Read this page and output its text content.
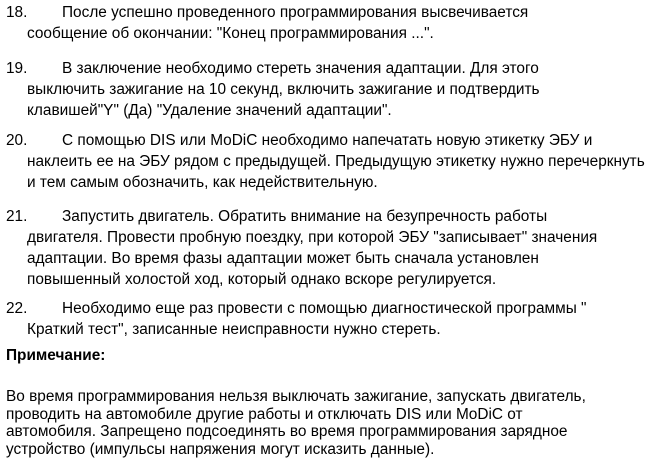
18. После успешно проведенного программирования высвечивается
сообщение об окончании: "Конец программирования ...".
19. В заключение необходимо стереть значения адаптации. Для этого
выключить зажигание на 10 секунд, включить зажигание и подтвердить
клавишей"Y" (Да) "Удаление значений адаптации".
20. С помощью DIS или MoDiC необходимо напечатать новую этикетку ЭБУ и
наклеить ее на ЭБУ рядом с предыдущей. Предыдущую этикетку нужно перечеркнуть
и тем самым обозначить, как недействительную.
21. Запустить двигатель. Обратить внимание на безупречность работы
двигателя. Провести пробную поездку, при которой ЭБУ "записывает" значения
адаптации. Во время фазы адаптации может быть сначала установлен
повышенный холостой ход, который однако вскоре регулируется.
22. Необходимо еще раз провести с помощью диагностической программы "
Краткий тест", записанные неисправности нужно стереть.
Примечание:
Во время программирования нельзя выключать зажигание, запускать двигатель,
проводить на автомобиле другие работы и отключать DIS или MoDiC от
автомобиля. Запрещено подсоединять во время программирования зарядное
устройство (импульсы напряжения могут исказить данные).
